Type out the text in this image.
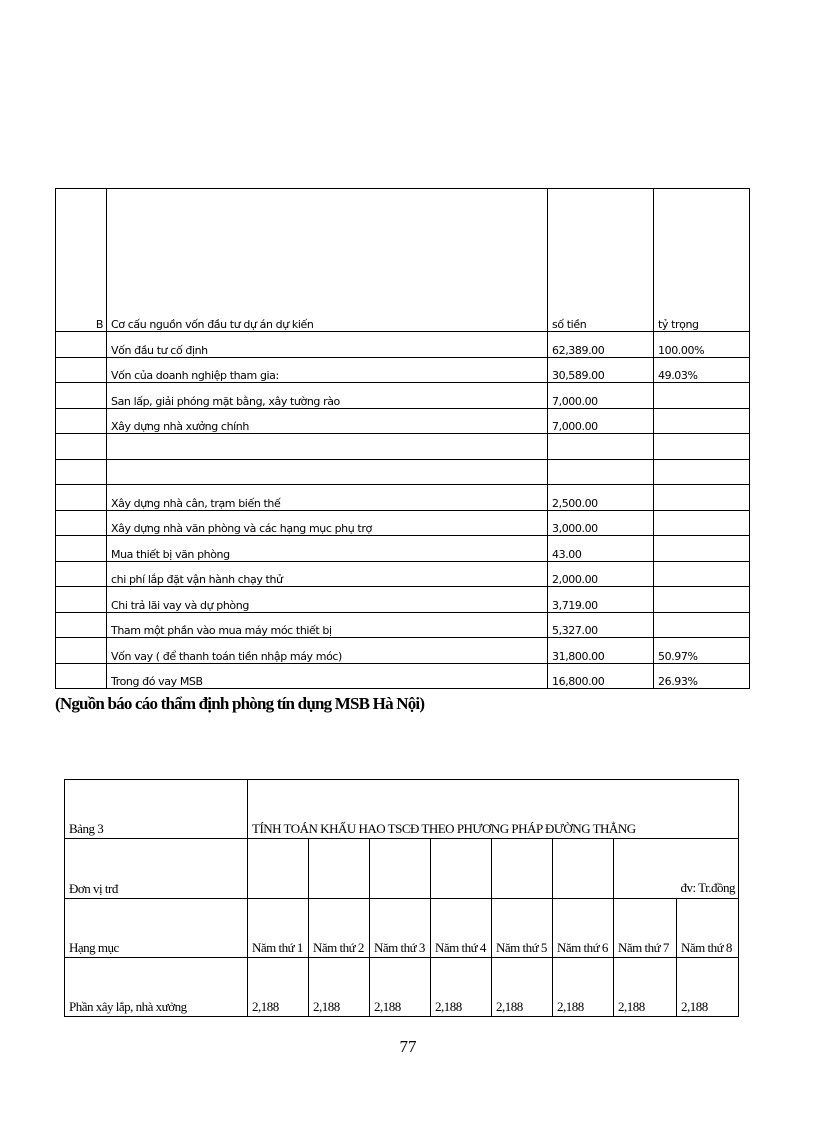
B	Cơ cấu nguồn vốn đầu tư dự án dự kiến	số tiền	tỷ trọng
	Vốn đầu tư cố định	62,389.00	100.00%
	Vốn của doanh nghiệp tham gia:	30,589.00	49.03%
	San lấp, giải phóng mặt bằng, xây tường rào	7,000.00	
	Xây dựng nhà xưởng chính	7,000.00	

	Xây dựng nhà cân, trạm biến thế	2,500.00	
	Xây dựng nhà văn phòng và các hạng mục phụ trợ	3,000.00	
	Mua thiết bị văn phòng	43.00	
	chi phí lắp đặt vận hành chạy thử	2,000.00	
	Chi trả lãi vay và dự phòng	3,719.00	
	Tham một phần vào mua máy móc thiết bị	5,327.00	
	Vốn vay ( để thanh toán tiền nhập máy móc)	31,800.00	50.97%
	Trong đó vay MSB	16,800.00	26.93%

(Nguồn báo cáo thẩm định phòng tín dụng MSB Hà Nội)

Bảng 3	TÍNH TOÁN KHẤU HAO TSCĐ THEO PHƯƠNG PHÁP ĐƯỜNG THẲNG							
Đơn vị trđ								đv: Tr.đồng
Hạng mục	Năm thứ 1	Năm thứ 2	Năm thứ 3	Năm thứ 4	Năm thứ 5	Năm thứ 6	Năm thứ 7	Năm thứ 8
Phần xây lắp, nhà xưởng	2,188	2,188	2,188	2,188	2,188	2,188	2,188	2,188
77
